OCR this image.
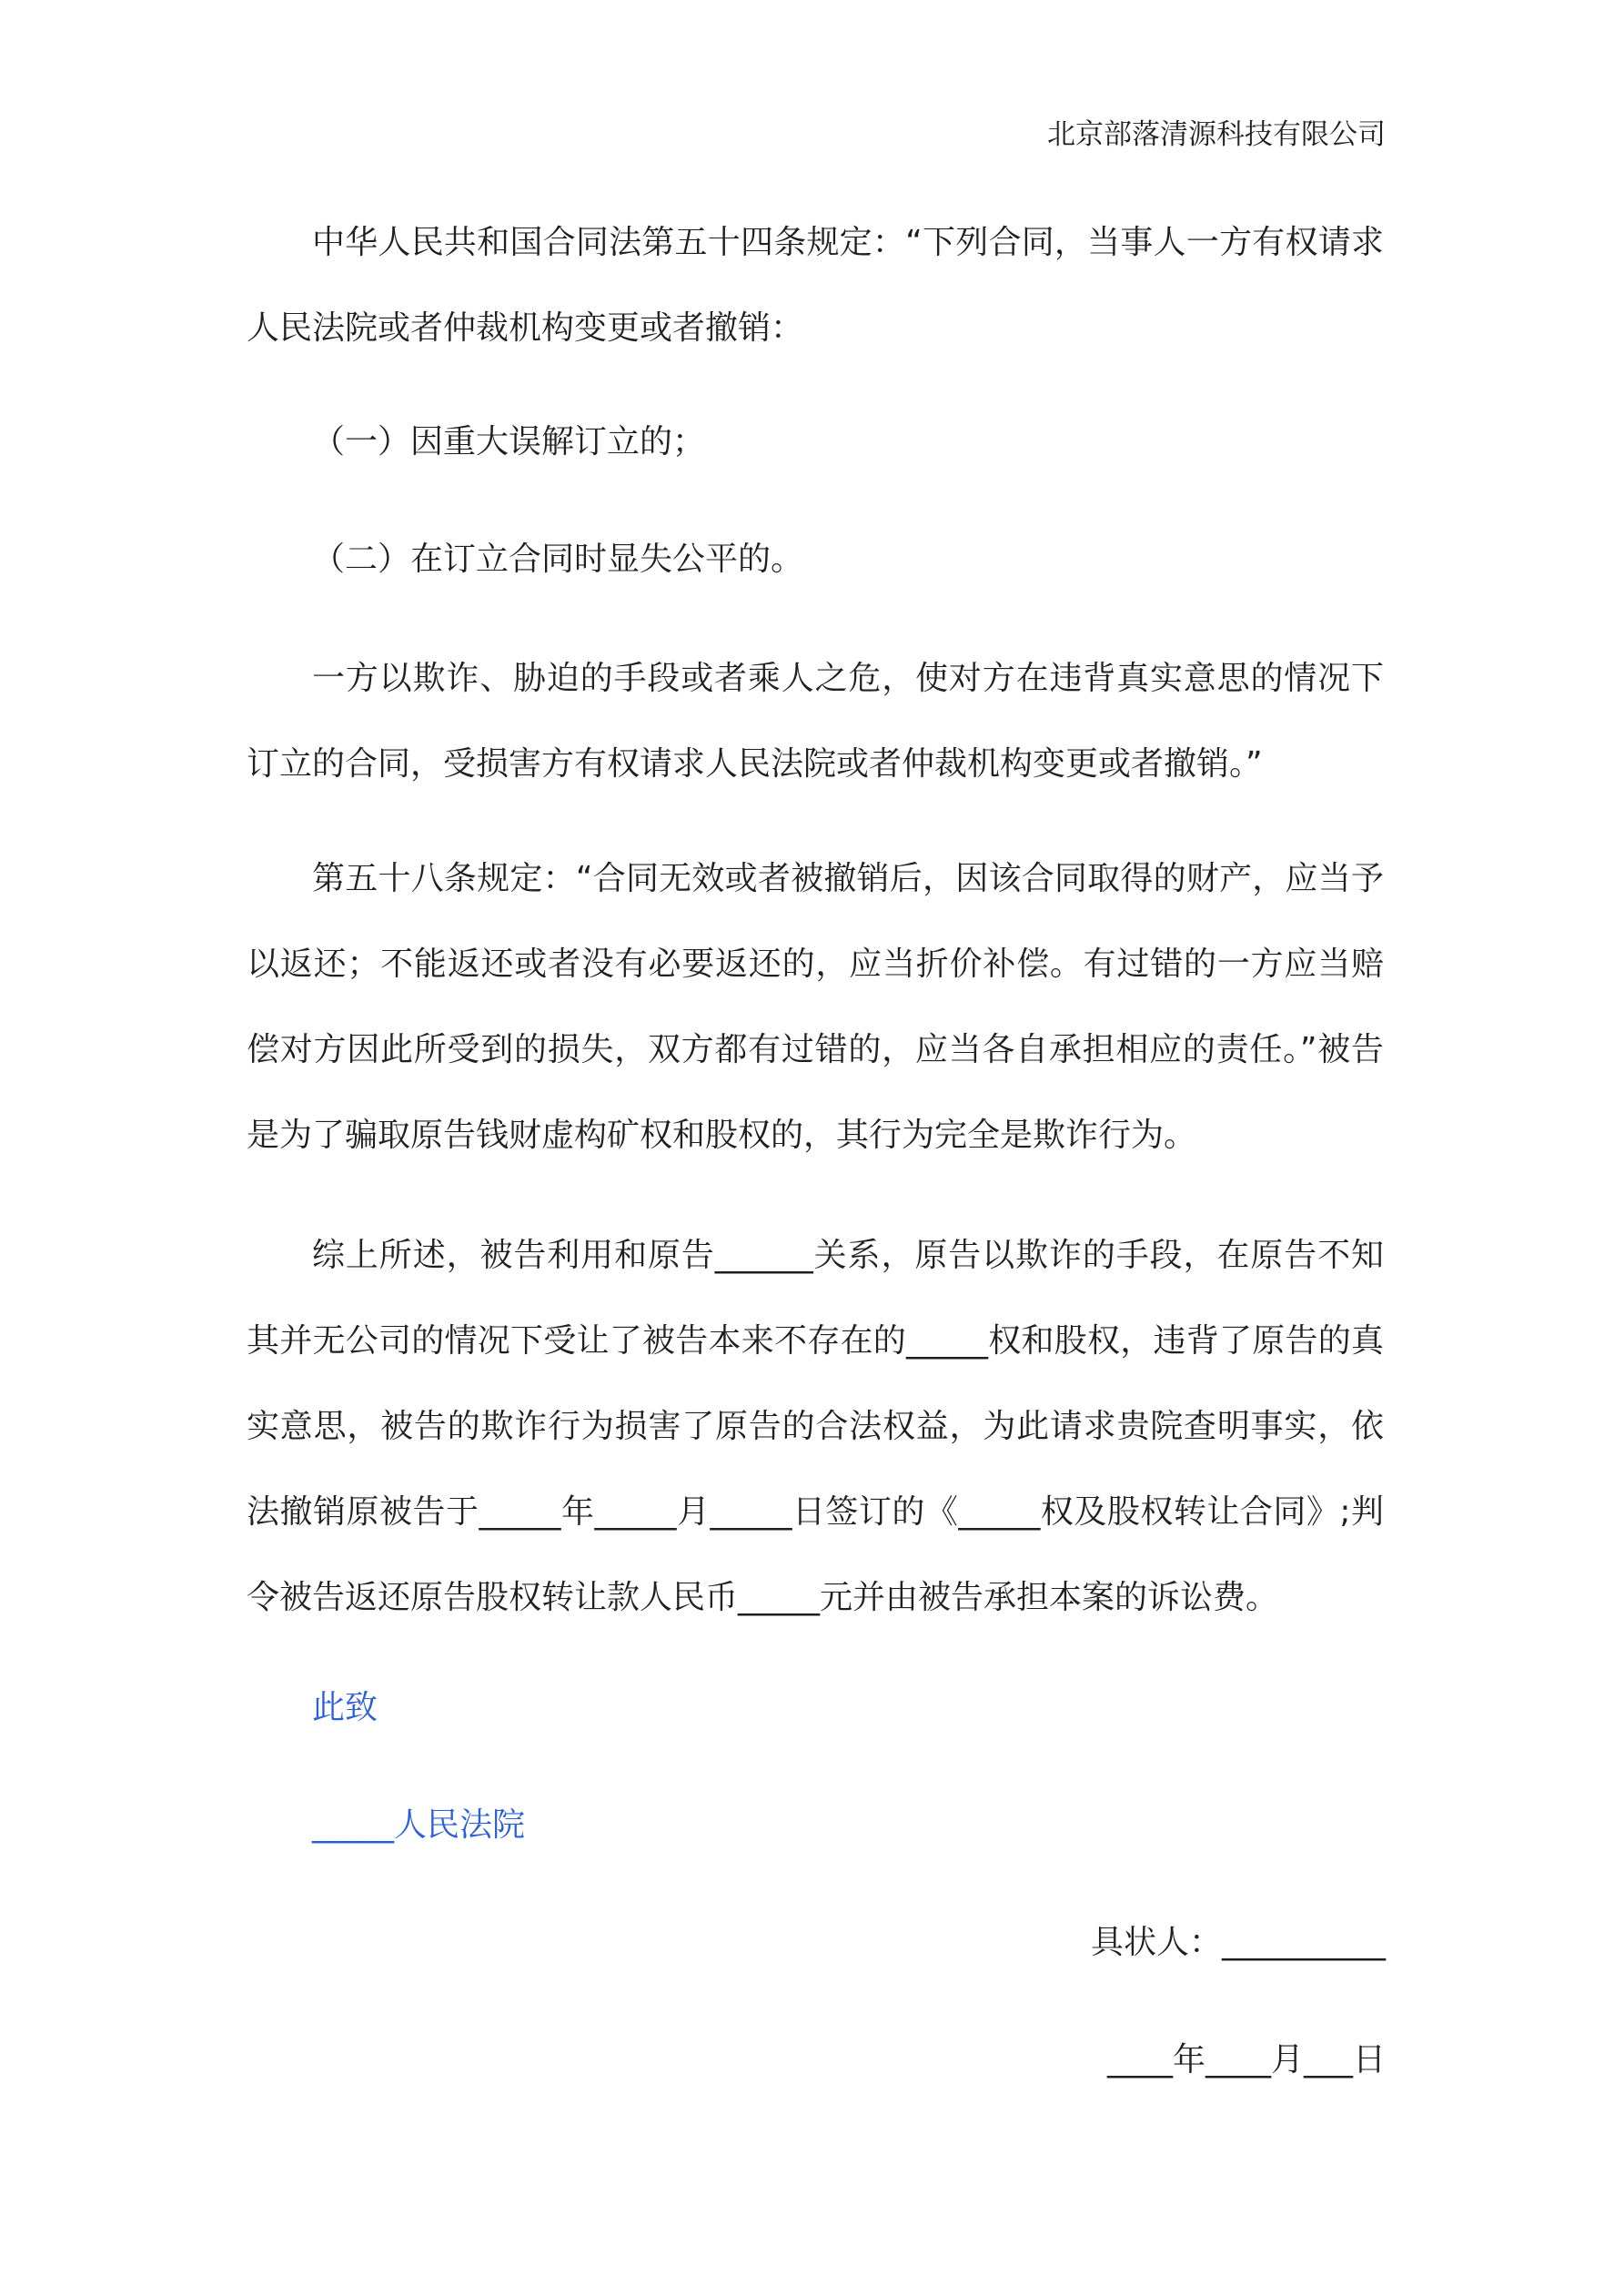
北京部落清源科技有限公司

中华人民共和国合同法第五十四条规定：“下列合同，当事人一方有权请求人民法院或者仲裁机构变更或者撤销：

（一）因重大误解订立的；

（二）在订立合同时显失公平的。

一方以欺诈、胁迫的手段或者乘人之危，使对方在违背真实意思的情况下订立的合同，受损害方有权请求人民法院或者仲裁机构变更或者撤销。”

第五十八条规定：“合同无效或者被撤销后，因该合同取得的财产，应当予以返还；不能返还或者没有必要返还的，应当折价补偿。有过错的一方应当赔偿对方因此所受到的损失，双方都有过错的，应当各自承担相应的责任。”被告是为了骗取原告钱财虚构矿权和股权的，其行为完全是欺诈行为。

综上所述，被告利用和原告______关系，原告以欺诈的手段，在原告不知其并无公司的情况下受让了被告本来不存在的_____权和股权，违背了原告的真实意思，被告的欺诈行为损害了原告的合法权益，为此请求贵院查明事实，依法撤销原被告于_____年_____月_____日签订的《_____权及股权转让合同》;判令被告返还原告股权转让款人民币_____元并由被告承担本案的诉讼费。

此致

_____人民法院

具状人：__________

____年____月___日
